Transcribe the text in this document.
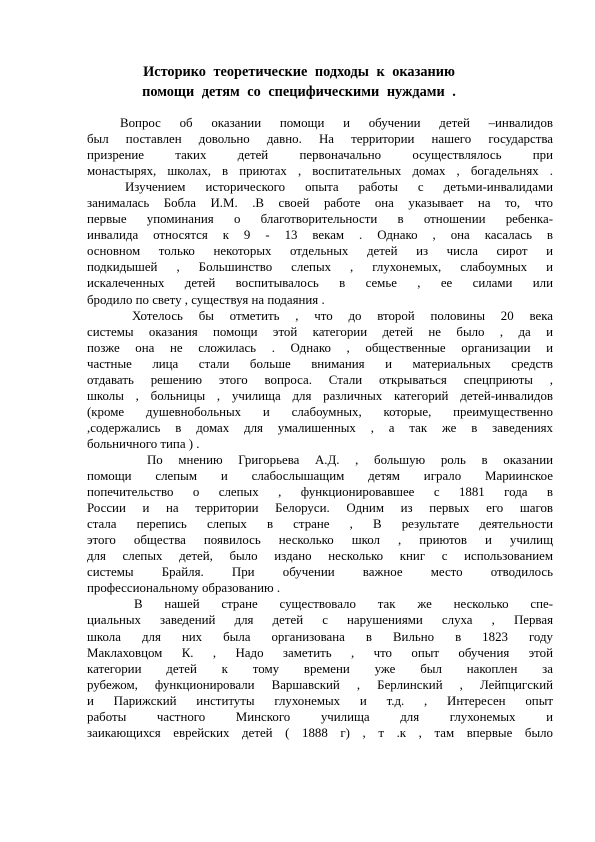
Историко теоретические подходы к оказанию
помощи детям со специфическими нуждами .
Вопрос об оказании помощи и обучении детей –инвалидов
был поставлен довольно давно. На территории нашего государства
призрение таких детей первоначально осуществлялось при
монастырях, школах, в приютах , воспитательных домах , богадельнях .
Изучением исторического опыта работы с детьми-инвалидами
занималась Бобла И.М. .В своей работе она указывает на то, что
первые упоминания о благотворительности в отношении ребенка-
инвалида относятся к 9 - 13 векам . Однако , она касалась в
основном только некоторых отдельных детей из числа сирот и
подкидышей , Большинство слепых , глухонемых, слабоумных и
искалеченных детей воспитывалось в семье , ее силами или
бродило по свету , существуя на подаяния .
Хотелось бы отметить , что до второй половины 20 века
системы оказания помощи этой категории детей не было , да и
позже она не сложилась . Однако , общественные организации и
частные лица стали больше внимания и материальных средств
отдавать решению этого вопроса. Стали открываться спецприюты ,
школы , больницы , училища для различных категорий детей-инвалидов
(кроме душевнобольных и слабоумных, которые, преимущественно
,содержались в домах для умалишенных , а так же в заведениях
больничного типа ) .
По мнению Григорьева А.Д. , большую роль в оказании
помощи слепым и слабослышащим детям играло Мариинское
попечительство о слепых , функционировавшее с 1881 года в
России и на территории Белоруси. Одним из первых его шагов
стала перепись слепых в стране , В результате деятельности
этого общества появилось несколько школ , приютов и училищ
для слепых детей, было издано несколько книг с использованием
системы Брайля. При обучении важное место отводилось
профессиональному образованию .
В нашей стране существовало так же несколько спе-
циальных заведений для детей с нарушениями слуха , Первая
школа для них была организована в Вильно в 1823 году
Маклаховцом К. , Надо заметить , что опыт обучения этой
категории детей к тому времени уже был накоплен за
рубежом, функционировали Варшавский , Берлинский , Лейпцигский
и Парижский институты глухонемых и т.д. , Интересен опыт
работы частного Минского училища для глухонемых и
заикающихся еврейских детей ( 1888 г) , т .к , там впервые было
